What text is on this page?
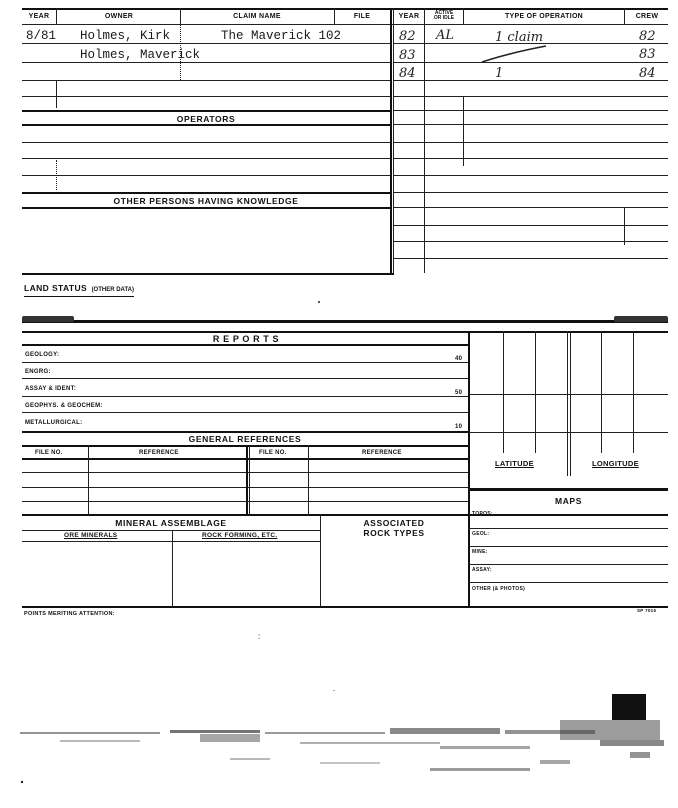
YEAR	OWNER	CLAIM NAME	FILE	YEAR	ACTIVE
OR IDLE	TYPE OF OPERATION	CREW
8/81 Holmes, Kirk	The Maverick 102
Holmes, Maverick
82 AL	1 claim	82
83	83
84	1	84
OPERATORS
OTHER PERSONS HAVING KNOWLEDGE
LAND STATUS (OTHER DATA)
R E P O R T S
GEOLOGY:
40
ENGRG:
ASSAY & IDENT:
50
GEOPHYS. & GEOCHEM:
METALLURGICAL:
10
GENERAL REFERENCES
FILE NO.	REFERENCE	FILE NO.	REFERENCE
LATITUDE	LONGITUDE
MAPS
TOPOS:
GEOL:
MINE:
ASSAY:
OTHER (& PHOTOS)
MINERAL ASSEMBLAGE
ORE MINERALS	ROCK FORMING, ETC.
ASSOCIATED
ROCK TYPES
POINTS MERITING ATTENTION:
SP 7015
:
